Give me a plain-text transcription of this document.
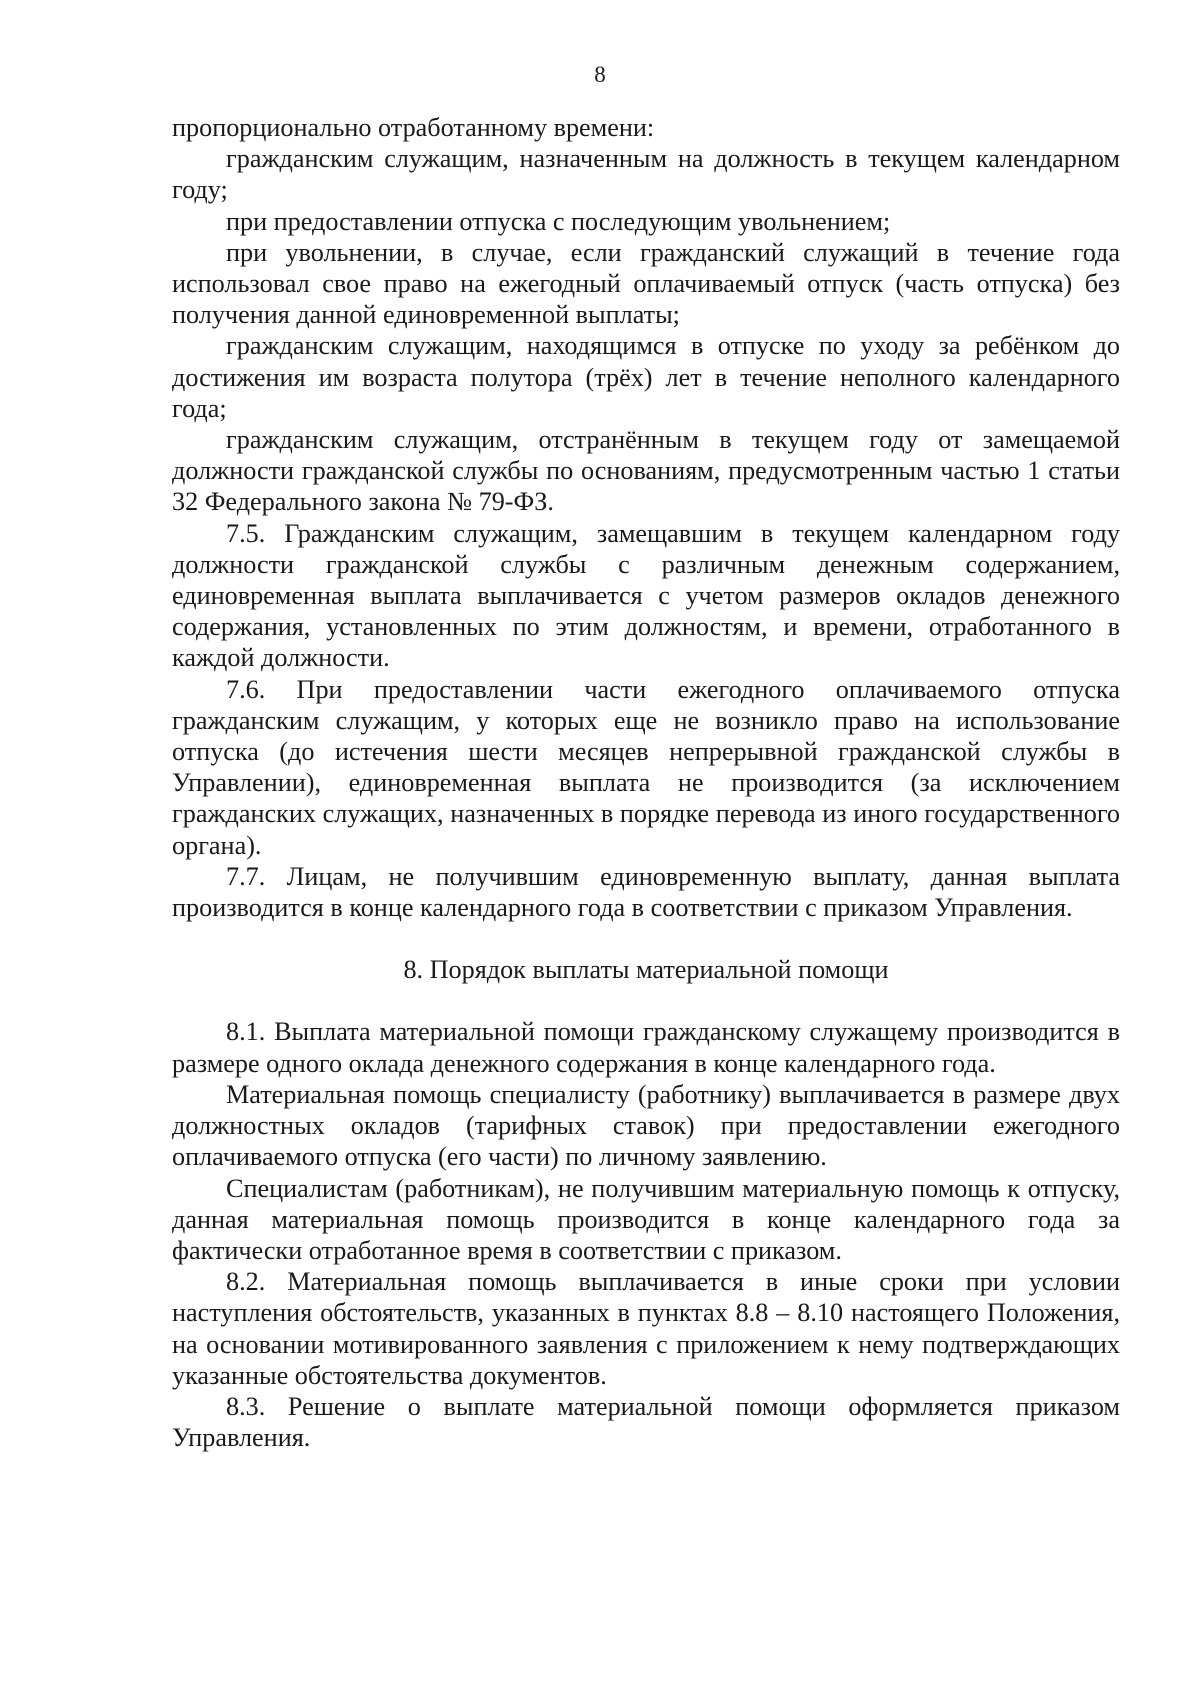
8

пропорционально отработанному времени:

гражданским служащим, назначенным на должность в текущем календарном году;

при предоставлении отпуска с последующим увольнением;

при увольнении, в случае, если гражданский служащий в течение года использовал свое право на ежегодный оплачиваемый отпуск (часть отпуска) без получения данной единовременной выплаты;

гражданским служащим, находящимся в отпуске по уходу за ребёнком до достижения им возраста полутора (трёх) лет в течение неполного календарного года;

гражданским служащим, отстранённым в текущем году от замещаемой должности гражданской службы по основаниям, предусмотренным частью 1 статьи 32 Федерального закона № 79-ФЗ.

7.5. Гражданским служащим, замещавшим в текущем календарном году должности гражданской службы с различным денежным содержанием, единовременная выплата выплачивается с учетом размеров окладов денежного содержания, установленных по этим должностям, и времени, отработанного в каждой должности.

7.6. При предоставлении части ежегодного оплачиваемого отпуска гражданским служащим, у которых еще не возникло право на использование отпуска (до истечения шести месяцев непрерывной гражданской службы в Управлении), единовременная выплата не производится (за исключением гражданских служащих, назначенных в порядке перевода из иного государственного органа).

7.7. Лицам, не получившим единовременную выплату, данная выплата производится в конце календарного года в соответствии с приказом Управления.

8. Порядок выплаты материальной помощи

8.1. Выплата материальной помощи гражданскому служащему производится в размере одного оклада денежного содержания в конце календарного года.

Материальная помощь специалисту (работнику) выплачивается в размере двух должностных окладов (тарифных ставок) при предоставлении ежегодного оплачиваемого отпуска (его части) по личному заявлению.

Специалистам (работникам), не получившим материальную помощь к отпуску, данная материальная помощь производится в конце календарного года за фактически отработанное время в соответствии с приказом.

8.2. Материальная помощь выплачивается в иные сроки при условии наступления обстоятельств, указанных в пунктах 8.8 – 8.10 настоящего Положения, на основании мотивированного заявления с приложением к нему подтверждающих указанные обстоятельства документов.

8.3. Решение о выплате материальной помощи оформляется приказом Управления.
